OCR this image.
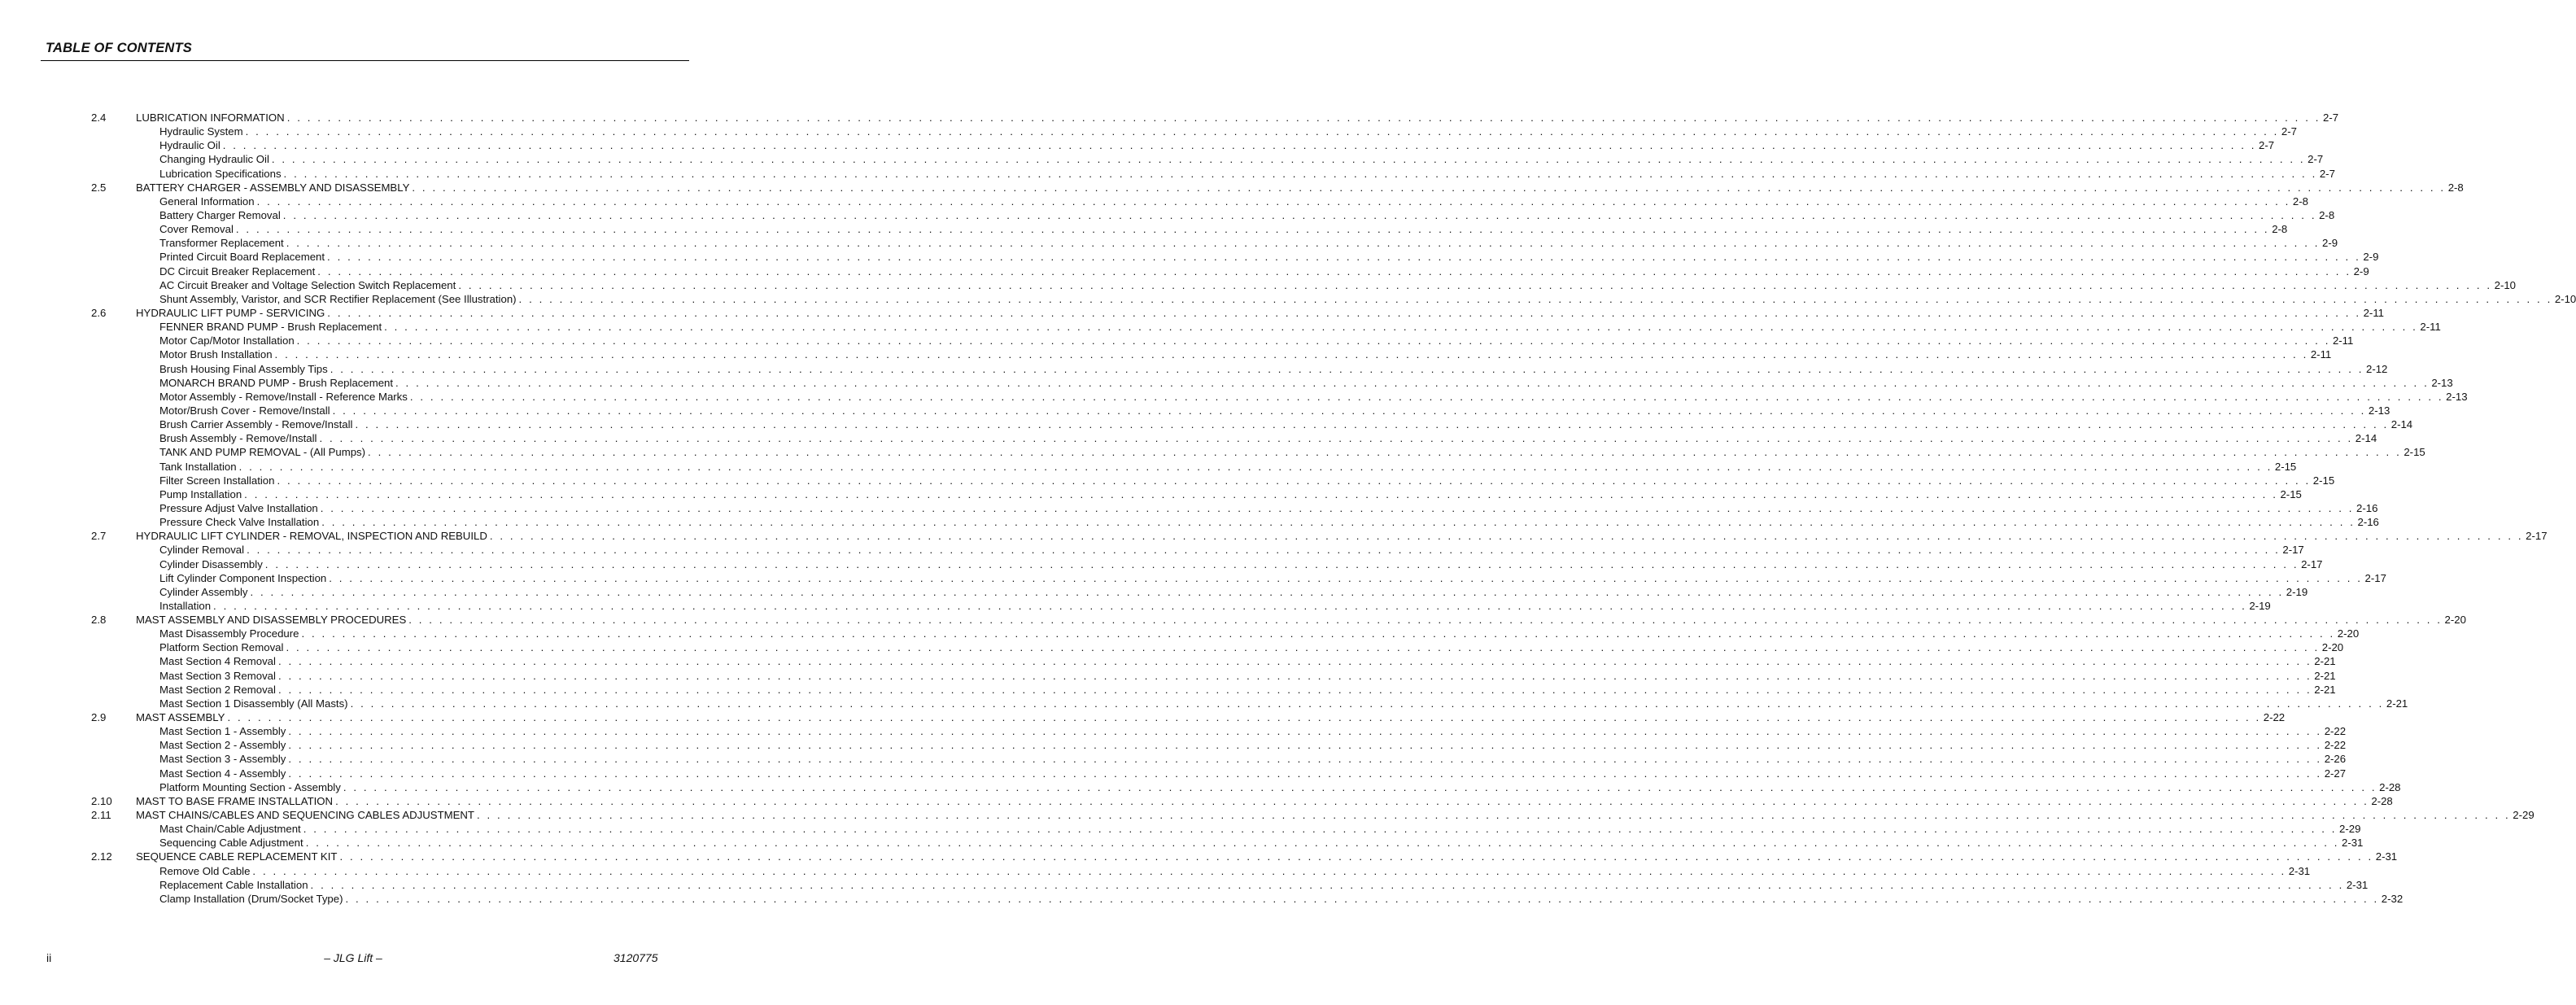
TABLE OF CONTENTS
2.4	LUBRICATION INFORMATION . . . . . . . . . . . . . . . . . . . . . . . . . . . . . . . . . . . . . . . . . . . . . . . . . . . . . . . . . . . . . . . . . . . . . . . . . . . . . . . . . . . . . . . . . . . . . . . . . . . . . . . . . . . . . . . . . . . . . . . . . . . . . . . . . . . . . . . . . . . . . . . . . . . . . . . . . . . . . . . . . . . . . . . . . . . . . . . . . . . . . . . . . . . . . . . . . . . . . . . . 2-7
Hydraulic System . . . . . . . . . . . . . . . . . . . . . . . . . . . . . . . . . . . . . . . . . . . . . . . . . . . . . . . . . . . . . . . . . . . . . . . . . . . . . . . . . . . . . . . . . . . . . . . . . . . . . . . . . . . . . . . . . . . . . . . . . . . . . . . . . . . . . . . . . . . . . . . . . . . . . . . . . . . . . . . . . . . . . . . . . . . . . . . . . . . . . . . . . . . . . . . . . . . . . . . . 2-7
Hydraulic Oil . . . . . . . . . . . . . . . . . . . . . . . . . . . . . . . . . . . . . . . . . . . . . . . . . . . . . . . . . . . . . . . . . . . . . . . . . . . . . . . . . . . . . . . . . . . . . . . . . . . . . . . . . . . . . . . . . . . . . . . . . . . . . . . . . . . . . . . . . . . . . . . . . . . . . . . . . . . . . . . . . . . . . . . . . . . . . . . . . . . . . . . . . . . . . . . . . . . . . . . . 2-7
Changing Hydraulic Oil . . . . . . . . . . . . . . . . . . . . . . . . . . . . . . . . . . . . . . . . . . . . . . . . . . . . . . . . . . . . . . . . . . . . . . . . . . . . . . . . . . . . . . . . . . . . . . . . . . . . . . . . . . . . . . . . . . . . . . . . . . . . . . . . . . . . . . . . . . . . . . . . . . . . . . . . . . . . . . . . . . . . . . . . . . . . . . . . . . . . . . . . . . . . . . . . . . . . . . . . 2-7
Lubrication Specifications . . . . . . . . . . . . . . . . . . . . . . . . . . . . . . . . . . . . . . . . . . . . . . . . . . . . . . . . . . . . . . . . . . . . . . . . . . . . . . . . . . . . . . . . . . . . . . . . . . . . . . . . . . . . . . . . . . . . . . . . . . . . . . . . . . . . . . . . . . . . . . . . . . . . . . . . . . . . . . . . . . . . . . . . . . . . . . . . . . . . . . . . . . . . . . . . . . . . . . . . 2-7
2.5	BATTERY CHARGER - ASSEMBLY AND DISASSEMBLY . . . . . . . . . . . . . . . . . . . . . . . . . . . . . . . . . . . . . . . . . . . . . . . . . . . . . . . . . . . . . . . . . . . . . . . . . . . . . . . . . . . . . . . . . . . . . . . . . . . . . . . . . . . . . . . . . . . . . . . . . . . . . . . . . . . . . . . . . . . . . . . . . . . . . . . . . . . . . . . . . . . . . . . . . . . . . . . . . . . . . . . . . . . . . . . . . . . . . . . . 2-8
General Information . . . . . . . . . . . . . . . . . . . . . . . . . . . . . . . . . . . . . . . . . . . . . . . . . . . . . . . . . . . . . . . . . . . . . . . . . . . . . . . . . . . . . . . . . . . . . . . . . . . . . . . . . . . . . . . . . . . . . . . . . . . . . . . . . . . . . . . . . . . . . . . . . . . . . . . . . . . . . . . . . . . . . . . . . . . . . . . . . . . . . . . . . . . . . . . . . . . . . . . . 2-8
Battery Charger Removal . . . . . . . . . . . . . . . . . . . . . . . . . . . . . . . . . . . . . . . . . . . . . . . . . . . . . . . . . . . . . . . . . . . . . . . . . . . . . . . . . . . . . . . . . . . . . . . . . . . . . . . . . . . . . . . . . . . . . . . . . . . . . . . . . . . . . . . . . . . . . . . . . . . . . . . . . . . . . . . . . . . . . . . . . . . . . . . . . . . . . . . . . . . . . . . . . . . . . . . . 2-8
Cover Removal . . . . . . . . . . . . . . . . . . . . . . . . . . . . . . . . . . . . . . . . . . . . . . . . . . . . . . . . . . . . . . . . . . . . . . . . . . . . . . . . . . . . . . . . . . . . . . . . . . . . . . . . . . . . . . . . . . . . . . . . . . . . . . . . . . . . . . . . . . . . . . . . . . . . . . . . . . . . . . . . . . . . . . . . . . . . . . . . . . . . . . . . . . . . . . . . . . . . . . . . 2-8
Transformer Replacement . . . . . . . . . . . . . . . . . . . . . . . . . . . . . . . . . . . . . . . . . . . . . . . . . . . . . . . . . . . . . . . . . . . . . . . . . . . . . . . . . . . . . . . . . . . . . . . . . . . . . . . . . . . . . . . . . . . . . . . . . . . . . . . . . . . . . . . . . . . . . . . . . . . . . . . . . . . . . . . . . . . . . . . . . . . . . . . . . . . . . . . . . . . . . . . . . . . . . . . . 2-9
Printed Circuit Board Replacement . . . . . . . . . . . . . . . . . . . . . . . . . . . . . . . . . . . . . . . . . . . . . . . . . . . . . . . . . . . . . . . . . . . . . . . . . . . . . . . . . . . . . . . . . . . . . . . . . . . . . . . . . . . . . . . . . . . . . . . . . . . . . . . . . . . . . . . . . . . . . . . . . . . . . . . . . . . . . . . . . . . . . . . . . . . . . . . . . . . . . . . . . . . . . . . . . . . . . . . . 2-9
DC Circuit Breaker Replacement . . . . . . . . . . . . . . . . . . . . . . . . . . . . . . . . . . . . . . . . . . . . . . . . . . . . . . . . . . . . . . . . . . . . . . . . . . . . . . . . . . . . . . . . . . . . . . . . . . . . . . . . . . . . . . . . . . . . . . . . . . . . . . . . . . . . . . . . . . . . . . . . . . . . . . . . . . . . . . . . . . . . . . . . . . . . . . . . . . . . . . . . . . . . . . . . . . . . . . . . 2-9
AC Circuit Breaker and Voltage Selection Switch Replacement . . . . . . . . . . . . . . . . . . . . . . . . . . . . . . . . . . . . . . . . . . . . . . . . . . . . . . . . . . . . . . . . . . . . . . . . . . . . . . . . . . . . . . . . . . . . . . . . . . . . . . . . . . . . . . . . . . . . . . . . . . . . . . . . . . . . . . . . . . . . . . . . . . . . . . . . . . . . . . . . . . . . . . . . . . . . . . . . . . . . . . . . . . . . . . . . . . . . . . . . 2-10
Shunt Assembly, Varistor, and SCR Rectifier Replacement (See Illustration) . . . . . . . . . . . . . . . . . . . . . . . . . . . . . . . . . . . . . . . . . . . . . . . . . . . . . . . . . . . . . . . . . . . . . . . . . . . . . . . . . . . . . . . . . . . . . . . . . . . . . . . . . . . . . . . . . . . . . . . . . . . . . . . . . . . . . . . . . . . . . . . . . . . . . . . . . . . . . . . . . . . . . . . . . . . . . . . . . . . . . . . . . . . . . . . . . . . . . . . . 2-10
2.6	HYDRAULIC LIFT PUMP - SERVICING . . . . . . . . . . . . . . . . . . . . . . . . . . . . . . . . . . . . . . . . . . . . . . . . . . . . . . . . . . . . . . . . . . . . . . . . . . . . . . . . . . . . . . . . . . . . . . . . . . . . . . . . . . . . . . . . . . . . . . . . . . . . . . . . . . . . . . . . . . . . . . . . . . . . . . . . . . . . . . . . . . . . . . . . . . . . . . . . . . . . . . . . . . . . . . . . . . . . . . . . 2-11
FENNER BRAND PUMP - Brush Replacement . . . . . . . . . . . . . . . . . . . . . . . . . . . . . . . . . . . . . . . . . . . . . . . . . . . . . . . . . . . . . . . . . . . . . . . . . . . . . . . . . . . . . . . . . . . . . . . . . . . . . . . . . . . . . . . . . . . . . . . . . . . . . . . . . . . . . . . . . . . . . . . . . . . . . . . . . . . . . . . . . . . . . . . . . . . . . . . . . . . . . . . . . . . . . . . . . . . . . . . . 2-11
Motor Cap/Motor Installation . . . . . . . . . . . . . . . . . . . . . . . . . . . . . . . . . . . . . . . . . . . . . . . . . . . . . . . . . . . . . . . . . . . . . . . . . . . . . . . . . . . . . . . . . . . . . . . . . . . . . . . . . . . . . . . . . . . . . . . . . . . . . . . . . . . . . . . . . . . . . . . . . . . . . . . . . . . . . . . . . . . . . . . . . . . . . . . . . . . . . . . . . . . . . . . . . . . . . . . . 2-11
Motor Brush Installation . . . . . . . . . . . . . . . . . . . . . . . . . . . . . . . . . . . . . . . . . . . . . . . . . . . . . . . . . . . . . . . . . . . . . . . . . . . . . . . . . . . . . . . . . . . . . . . . . . . . . . . . . . . . . . . . . . . . . . . . . . . . . . . . . . . . . . . . . . . . . . . . . . . . . . . . . . . . . . . . . . . . . . . . . . . . . . . . . . . . . . . . . . . . . . . . . . . . . . . . 2-11
Brush Housing Final Assembly Tips . . . . . . . . . . . . . . . . . . . . . . . . . . . . . . . . . . . . . . . . . . . . . . . . . . . . . . . . . . . . . . . . . . . . . . . . . . . . . . . . . . . . . . . . . . . . . . . . . . . . . . . . . . . . . . . . . . . . . . . . . . . . . . . . . . . . . . . . . . . . . . . . . . . . . . . . . . . . . . . . . . . . . . . . . . . . . . . . . . . . . . . . . . . . . . . . . . . . . . . . 2-12
MONARCH BRAND PUMP - Brush Replacement . . . . . . . . . . . . . . . . . . . . . . . . . . . . . . . . . . . . . . . . . . . . . . . . . . . . . . . . . . . . . . . . . . . . . . . . . . . . . . . . . . . . . . . . . . . . . . . . . . . . . . . . . . . . . . . . . . . . . . . . . . . . . . . . . . . . . . . . . . . . . . . . . . . . . . . . . . . . . . . . . . . . . . . . . . . . . . . . . . . . . . . . . . . . . . . . . . . . . . . . 2-13
Motor Assembly - Remove/Install - Reference Marks . . . . . . . . . . . . . . . . . . . . . . . . . . . . . . . . . . . . . . . . . . . . . . . . . . . . . . . . . . . . . . . . . . . . . . . . . . . . . . . . . . . . . . . . . . . . . . . . . . . . . . . . . . . . . . . . . . . . . . . . . . . . . . . . . . . . . . . . . . . . . . . . . . . . . . . . . . . . . . . . . . . . . . . . . . . . . . . . . . . . . . . . . . . . . . . . . . . . . . . . 2-13
Motor/Brush Cover - Remove/Install . . . . . . . . . . . . . . . . . . . . . . . . . . . . . . . . . . . . . . . . . . . . . . . . . . . . . . . . . . . . . . . . . . . . . . . . . . . . . . . . . . . . . . . . . . . . . . . . . . . . . . . . . . . . . . . . . . . . . . . . . . . . . . . . . . . . . . . . . . . . . . . . . . . . . . . . . . . . . . . . . . . . . . . . . . . . . . . . . . . . . . . . . . . . . . . . . . . . . . . . 2-13
Brush Carrier Assembly - Remove/Install . . . . . . . . . . . . . . . . . . . . . . . . . . . . . . . . . . . . . . . . . . . . . . . . . . . . . . . . . . . . . . . . . . . . . . . . . . . . . . . . . . . . . . . . . . . . . . . . . . . . . . . . . . . . . . . . . . . . . . . . . . . . . . . . . . . . . . . . . . . . . . . . . . . . . . . . . . . . . . . . . . . . . . . . . . . . . . . . . . . . . . . . . . . . . . . . . . . . . . . . 2-14
Brush Assembly - Remove/Install . . . . . . . . . . . . . . . . . . . . . . . . . . . . . . . . . . . . . . . . . . . . . . . . . . . . . . . . . . . . . . . . . . . . . . . . . . . . . . . . . . . . . . . . . . . . . . . . . . . . . . . . . . . . . . . . . . . . . . . . . . . . . . . . . . . . . . . . . . . . . . . . . . . . . . . . . . . . . . . . . . . . . . . . . . . . . . . . . . . . . . . . . . . . . . . . . . . . . . . . 2-14
TANK AND PUMP REMOVAL - (All Pumps) . . . . . . . . . . . . . . . . . . . . . . . . . . . . . . . . . . . . . . . . . . . . . . . . . . . . . . . . . . . . . . . . . . . . . . . . . . . . . . . . . . . . . . . . . . . . . . . . . . . . . . . . . . . . . . . . . . . . . . . . . . . . . . . . . . . . . . . . . . . . . . . . . . . . . . . . . . . . . . . . . . . . . . . . . . . . . . . . . . . . . . . . . . . . . . . . . . . . . . . . 2-15
Tank Installation . . . . . . . . . . . . . . . . . . . . . . . . . . . . . . . . . . . . . . . . . . . . . . . . . . . . . . . . . . . . . . . . . . . . . . . . . . . . . . . . . . . . . . . . . . . . . . . . . . . . . . . . . . . . . . . . . . . . . . . . . . . . . . . . . . . . . . . . . . . . . . . . . . . . . . . . . . . . . . . . . . . . . . . . . . . . . . . . . . . . . . . . . . . . . . . . . . . . . . . . 2-15
Filter Screen Installation . . . . . . . . . . . . . . . . . . . . . . . . . . . . . . . . . . . . . . . . . . . . . . . . . . . . . . . . . . . . . . . . . . . . . . . . . . . . . . . . . . . . . . . . . . . . . . . . . . . . . . . . . . . . . . . . . . . . . . . . . . . . . . . . . . . . . . . . . . . . . . . . . . . . . . . . . . . . . . . . . . . . . . . . . . . . . . . . . . . . . . . . . . . . . . . . . . . . . . . . 2-15
Pump Installation . . . . . . . . . . . . . . . . . . . . . . . . . . . . . . . . . . . . . . . . . . . . . . . . . . . . . . . . . . . . . . . . . . . . . . . . . . . . . . . . . . . . . . . . . . . . . . . . . . . . . . . . . . . . . . . . . . . . . . . . . . . . . . . . . . . . . . . . . . . . . . . . . . . . . . . . . . . . . . . . . . . . . . . . . . . . . . . . . . . . . . . . . . . . . . . . . . . . . . . . 2-15
Pressure Adjust Valve Installation . . . . . . . . . . . . . . . . . . . . . . . . . . . . . . . . . . . . . . . . . . . . . . . . . . . . . . . . . . . . . . . . . . . . . . . . . . . . . . . . . . . . . . . . . . . . . . . . . . . . . . . . . . . . . . . . . . . . . . . . . . . . . . . . . . . . . . . . . . . . . . . . . . . . . . . . . . . . . . . . . . . . . . . . . . . . . . . . . . . . . . . . . . . . . . . . . . . . . . . . 2-16
Pressure Check Valve Installation . . . . . . . . . . . . . . . . . . . . . . . . . . . . . . . . . . . . . . . . . . . . . . . . . . . . . . . . . . . . . . . . . . . . . . . . . . . . . . . . . . . . . . . . . . . . . . . . . . . . . . . . . . . . . . . . . . . . . . . . . . . . . . . . . . . . . . . . . . . . . . . . . . . . . . . . . . . . . . . . . . . . . . . . . . . . . . . . . . . . . . . . . . . . . . . . . . . . . . . . 2-16
2.7	HYDRAULIC LIFT CYLINDER - REMOVAL, INSPECTION AND REBUILD . . . . . . . . . . . . . . . . . . . . . . . . . . . . . . . . . . . . . . . . . . . . . . . . . . . . . . . . . . . . . . . . . . . . . . . . . . . . . . . . . . . . . . . . . . . . . . . . . . . . . . . . . . . . . . . . . . . . . . . . . . . . . . . . . . . . . . . . . . . . . . . . . . . . . . . . . . . . . . . . . . . . . . . . . . . . . . . . . . . . . . . . . . . . . . . . . . . . . . . . 2-17
Cylinder Removal . . . . . . . . . . . . . . . . . . . . . . . . . . . . . . . . . . . . . . . . . . . . . . . . . . . . . . . . . . . . . . . . . . . . . . . . . . . . . . . . . . . . . . . . . . . . . . . . . . . . . . . . . . . . . . . . . . . . . . . . . . . . . . . . . . . . . . . . . . . . . . . . . . . . . . . . . . . . . . . . . . . . . . . . . . . . . . . . . . . . . . . . . . . . . . . . . . . . . . . . 2-17
Cylinder Disassembly . . . . . . . . . . . . . . . . . . . . . . . . . . . . . . . . . . . . . . . . . . . . . . . . . . . . . . . . . . . . . . . . . . . . . . . . . . . . . . . . . . . . . . . . . . . . . . . . . . . . . . . . . . . . . . . . . . . . . . . . . . . . . . . . . . . . . . . . . . . . . . . . . . . . . . . . . . . . . . . . . . . . . . . . . . . . . . . . . . . . . . . . . . . . . . . . . . . . . . . . 2-17
Lift Cylinder Component Inspection . . . . . . . . . . . . . . . . . . . . . . . . . . . . . . . . . . . . . . . . . . . . . . . . . . . . . . . . . . . . . . . . . . . . . . . . . . . . . . . . . . . . . . . . . . . . . . . . . . . . . . . . . . . . . . . . . . . . . . . . . . . . . . . . . . . . . . . . . . . . . . . . . . . . . . . . . . . . . . . . . . . . . . . . . . . . . . . . . . . . . . . . . . . . . . . . . . . . . . . . 2-17
Cylinder Assembly . . . . . . . . . . . . . . . . . . . . . . . . . . . . . . . . . . . . . . . . . . . . . . . . . . . . . . . . . . . . . . . . . . . . . . . . . . . . . . . . . . . . . . . . . . . . . . . . . . . . . . . . . . . . . . . . . . . . . . . . . . . . . . . . . . . . . . . . . . . . . . . . . . . . . . . . . . . . . . . . . . . . . . . . . . . . . . . . . . . . . . . . . . . . . . . . . . . . . . . . 2-19
Installation . . . . . . . . . . . . . . . . . . . . . . . . . . . . . . . . . . . . . . . . . . . . . . . . . . . . . . . . . . . . . . . . . . . . . . . . . . . . . . . . . . . . . . . . . . . . . . . . . . . . . . . . . . . . . . . . . . . . . . . . . . . . . . . . . . . . . . . . . . . . . . . . . . . . . . . . . . . . . . . . . . . . . . . . . . . . . . . . . . . . . . . . . . . . . . . . . . . . . . . . 2-19
2.8	MAST ASSEMBLY AND DISASSEMBLY PROCEDURES . . . . . . . . . . . . . . . . . . . . . . . . . . . . . . . . . . . . . . . . . . . . . . . . . . . . . . . . . . . . . . . . . . . . . . . . . . . . . . . . . . . . . . . . . . . . . . . . . . . . . . . . . . . . . . . . . . . . . . . . . . . . . . . . . . . . . . . . . . . . . . . . . . . . . . . . . . . . . . . . . . . . . . . . . . . . . . . . . . . . . . . . . . . . . . . . . . . . . . . . 2-20
Mast Disassembly Procedure . . . . . . . . . . . . . . . . . . . . . . . . . . . . . . . . . . . . . . . . . . . . . . . . . . . . . . . . . . . . . . . . . . . . . . . . . . . . . . . . . . . . . . . . . . . . . . . . . . . . . . . . . . . . . . . . . . . . . . . . . . . . . . . . . . . . . . . . . . . . . . . . . . . . . . . . . . . . . . . . . . . . . . . . . . . . . . . . . . . . . . . . . . . . . . . . . . . . . . . . 2-20
Platform Section Removal . . . . . . . . . . . . . . . . . . . . . . . . . . . . . . . . . . . . . . . . . . . . . . . . . . . . . . . . . . . . . . . . . . . . . . . . . . . . . . . . . . . . . . . . . . . . . . . . . . . . . . . . . . . . . . . . . . . . . . . . . . . . . . . . . . . . . . . . . . . . . . . . . . . . . . . . . . . . . . . . . . . . . . . . . . . . . . . . . . . . . . . . . . . . . . . . . . . . . . . . 2-20
Mast Section 4 Removal . . . . . . . . . . . . . . . . . . . . . . . . . . . . . . . . . . . . . . . . . . . . . . . . . . . . . . . . . . . . . . . . . . . . . . . . . . . . . . . . . . . . . . . . . . . . . . . . . . . . . . . . . . . . . . . . . . . . . . . . . . . . . . . . . . . . . . . . . . . . . . . . . . . . . . . . . . . . . . . . . . . . . . . . . . . . . . . . . . . . . . . . . . . . . . . . . . . . . . . . 2-21
Mast Section 3 Removal . . . . . . . . . . . . . . . . . . . . . . . . . . . . . . . . . . . . . . . . . . . . . . . . . . . . . . . . . . . . . . . . . . . . . . . . . . . . . . . . . . . . . . . . . . . . . . . . . . . . . . . . . . . . . . . . . . . . . . . . . . . . . . . . . . . . . . . . . . . . . . . . . . . . . . . . . . . . . . . . . . . . . . . . . . . . . . . . . . . . . . . . . . . . . . . . . . . . . . . . 2-21
Mast Section 2 Removal . . . . . . . . . . . . . . . . . . . . . . . . . . . . . . . . . . . . . . . . . . . . . . . . . . . . . . . . . . . . . . . . . . . . . . . . . . . . . . . . . . . . . . . . . . . . . . . . . . . . . . . . . . . . . . . . . . . . . . . . . . . . . . . . . . . . . . . . . . . . . . . . . . . . . . . . . . . . . . . . . . . . . . . . . . . . . . . . . . . . . . . . . . . . . . . . . . . . . . . . 2-21
Mast Section 1 Disassembly (All Masts) . . . . . . . . . . . . . . . . . . . . . . . . . . . . . . . . . . . . . . . . . . . . . . . . . . . . . . . . . . . . . . . . . . . . . . . . . . . . . . . . . . . . . . . . . . . . . . . . . . . . . . . . . . . . . . . . . . . . . . . . . . . . . . . . . . . . . . . . . . . . . . . . . . . . . . . . . . . . . . . . . . . . . . . . . . . . . . . . . . . . . . . . . . . . . . . . . . . . . . . . 2-21
2.9	MAST ASSEMBLY . . . . . . . . . . . . . . . . . . . . . . . . . . . . . . . . . . . . . . . . . . . . . . . . . . . . . . . . . . . . . . . . . . . . . . . . . . . . . . . . . . . . . . . . . . . . . . . . . . . . . . . . . . . . . . . . . . . . . . . . . . . . . . . . . . . . . . . . . . . . . . . . . . . . . . . . . . . . . . . . . . . . . . . . . . . . . . . . . . . . . . . . . . . . . . . . . . . . . . . . 2-22
Mast Section 1 - Assembly . . . . . . . . . . . . . . . . . . . . . . . . . . . . . . . . . . . . . . . . . . . . . . . . . . . . . . . . . . . . . . . . . . . . . . . . . . . . . . . . . . . . . . . . . . . . . . . . . . . . . . . . . . . . . . . . . . . . . . . . . . . . . . . . . . . . . . . . . . . . . . . . . . . . . . . . . . . . . . . . . . . . . . . . . . . . . . . . . . . . . . . . . . . . . . . . . . . . . . . . 2-22
Mast Section 2 - Assembly . . . . . . . . . . . . . . . . . . . . . . . . . . . . . . . . . . . . . . . . . . . . . . . . . . . . . . . . . . . . . . . . . . . . . . . . . . . . . . . . . . . . . . . . . . . . . . . . . . . . . . . . . . . . . . . . . . . . . . . . . . . . . . . . . . . . . . . . . . . . . . . . . . . . . . . . . . . . . . . . . . . . . . . . . . . . . . . . . . . . . . . . . . . . . . . . . . . . . . . . 2-22
Mast Section 3 - Assembly . . . . . . . . . . . . . . . . . . . . . . . . . . . . . . . . . . . . . . . . . . . . . . . . . . . . . . . . . . . . . . . . . . . . . . . . . . . . . . . . . . . . . . . . . . . . . . . . . . . . . . . . . . . . . . . . . . . . . . . . . . . . . . . . . . . . . . . . . . . . . . . . . . . . . . . . . . . . . . . . . . . . . . . . . . . . . . . . . . . . . . . . . . . . . . . . . . . . . . . . 2-26
Mast Section 4 - Assembly . . . . . . . . . . . . . . . . . . . . . . . . . . . . . . . . . . . . . . . . . . . . . . . . . . . . . . . . . . . . . . . . . . . . . . . . . . . . . . . . . . . . . . . . . . . . . . . . . . . . . . . . . . . . . . . . . . . . . . . . . . . . . . . . . . . . . . . . . . . . . . . . . . . . . . . . . . . . . . . . . . . . . . . . . . . . . . . . . . . . . . . . . . . . . . . . . . . . . . . . 2-27
Platform Mounting Section - Assembly . . . . . . . . . . . . . . . . . . . . . . . . . . . . . . . . . . . . . . . . . . . . . . . . . . . . . . . . . . . . . . . . . . . . . . . . . . . . . . . . . . . . . . . . . . . . . . . . . . . . . . . . . . . . . . . . . . . . . . . . . . . . . . . . . . . . . . . . . . . . . . . . . . . . . . . . . . . . . . . . . . . . . . . . . . . . . . . . . . . . . . . . . . . . . . . . . . . . . . . . 2-28
2.10 MAST TO BASE FRAME INSTALLATION . . . . . . . . . . . . . . . . . . . . . . . . . . . . . . . . . . . . . . . . . . . . . . . . . . . . . . . . . . . . . . . . . . . . . . . . . . . . . . . . . . . . . . . . . . . . . . . . . . . . . . . . . . . . . . . . . . . . . . . . . . . . . . . . . . . . . . . . . . . . . . . . . . . . . . . . . . . . . . . . . . . . . . . . . . . . . . . . . . . . . . . . . . . . . . . . . . . . . . . . 2-28
2.11 MAST CHAINS/CABLES AND SEQUENCING CABLES ADJUSTMENT . . . . . . . . . . . . . . . . . . . . . . . . . . . . . . . . . . . . . . . . . . . . . . . . . . . . . . . . . . . . . . . . . . . . . . . . . . . . . . . . . . . . . . . . . . . . . . . . . . . . . . . . . . . . . . . . . . . . . . . . . . . . . . . . . . . . . . . . . . . . . . . . . . . . . . . . . . . . . . . . . . . . . . . . . . . . . . . . . . . . . . . . . . . . . . . . . . . . . . . . 2-29
Mast Chain/Cable Adjustment . . . . . . . . . . . . . . . . . . . . . . . . . . . . . . . . . . . . . . . . . . . . . . . . . . . . . . . . . . . . . . . . . . . . . . . . . . . . . . . . . . . . . . . . . . . . . . . . . . . . . . . . . . . . . . . . . . . . . . . . . . . . . . . . . . . . . . . . . . . . . . . . . . . . . . . . . . . . . . . . . . . . . . . . . . . . . . . . . . . . . . . . . . . . . . . . . . . . . . . . 2-29
Sequencing Cable Adjustment . . . . . . . . . . . . . . . . . . . . . . . . . . . . . . . . . . . . . . . . . . . . . . . . . . . . . . . . . . . . . . . . . . . . . . . . . . . . . . . . . . . . . . . . . . . . . . . . . . . . . . . . . . . . . . . . . . . . . . . . . . . . . . . . . . . . . . . . . . . . . . . . . . . . . . . . . . . . . . . . . . . . . . . . . . . . . . . . . . . . . . . . . . . . . . . . . . . . . . . . 2-31
2.12 SEQUENCE CABLE REPLACEMENT KIT . . . . . . . . . . . . . . . . . . . . . . . . . . . . . . . . . . . . . . . . . . . . . . . . . . . . . . . . . . . . . . . . . . . . . . . . . . . . . . . . . . . . . . . . . . . . . . . . . . . . . . . . . . . . . . . . . . . . . . . . . . . . . . . . . . . . . . . . . . . . . . . . . . . . . . . . . . . . . . . . . . . . . . . . . . . . . . . . . . . . . . . . . . . . . . . . . . . . . . . . 2-31
Remove Old Cable . . . . . . . . . . . . . . . . . . . . . . . . . . . . . . . . . . . . . . . . . . . . . . . . . . . . . . . . . . . . . . . . . . . . . . . . . . . . . . . . . . . . . . . . . . . . . . . . . . . . . . . . . . . . . . . . . . . . . . . . . . . . . . . . . . . . . . . . . . . . . . . . . . . . . . . . . . . . . . . . . . . . . . . . . . . . . . . . . . . . . . . . . . . . . . . . . . . . . . . . 2-31
Replacement Cable Installation . . . . . . . . . . . . . . . . . . . . . . . . . . . . . . . . . . . . . . . . . . . . . . . . . . . . . . . . . . . . . . . . . . . . . . . . . . . . . . . . . . . . . . . . . . . . . . . . . . . . . . . . . . . . . . . . . . . . . . . . . . . . . . . . . . . . . . . . . . . . . . . . . . . . . . . . . . . . . . . . . . . . . . . . . . . . . . . . . . . . . . . . . . . . . . . . . . . . . . . . 2-31
Clamp Installation (Drum/Socket Type) . . . . . . . . . . . . . . . . . . . . . . . . . . . . . . . . . . . . . . . . . . . . . . . . . . . . . . . . . . . . . . . . . . . . . . . . . . . . . . . . . . . . . . . . . . . . . . . . . . . . . . . . . . . . . . . . . . . . . . . . . . . . . . . . . . . . . . . . . . . . . . . . . . . . . . . . . . . . . . . . . . . . . . . . . . . . . . . . . . . . . . . . . . . . . . . . . . . . . . . . 2-32
ii	– JLG Lift –	3120775
